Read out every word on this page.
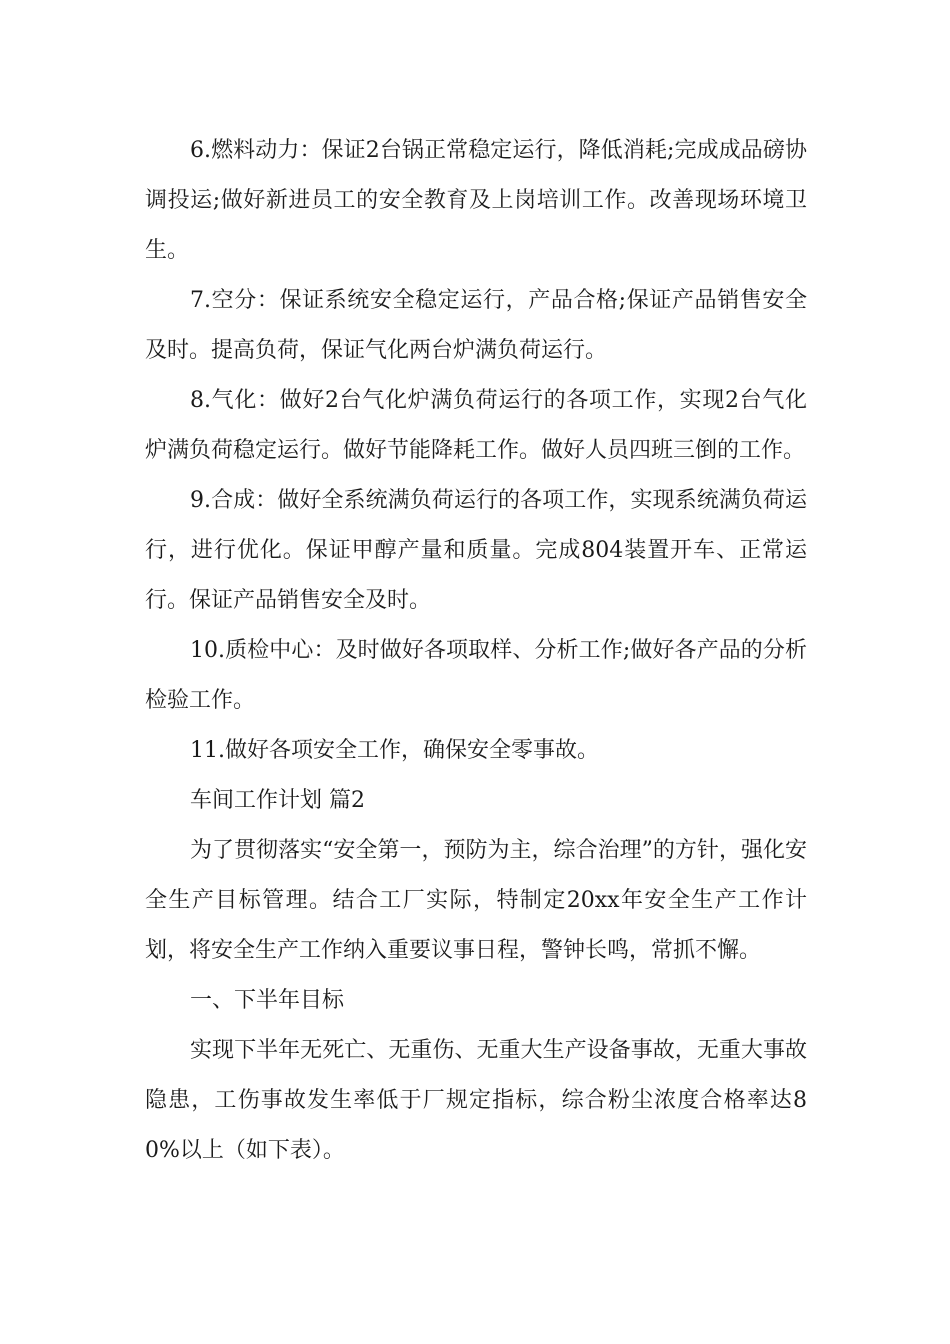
6.燃料动力：保证2台锅正常稳定运行，降低消耗;完成成品磅协调投运;做好新进员工的安全教育及上岗培训工作。改善现场环境卫生。

7.空分：保证系统安全稳定运行，产品合格;保证产品销售安全及时。提高负荷，保证气化两台炉满负荷运行。

8.气化：做好2台气化炉满负荷运行的各项工作，实现2台气化炉满负荷稳定运行。做好节能降耗工作。做好人员四班三倒的工作。

9.合成：做好全系统满负荷运行的各项工作，实现系统满负荷运行，进行优化。保证甲醇产量和质量。完成804装置开车、正常运行。保证产品销售安全及时。

10.质检中心：及时做好各项取样、分析工作;做好各产品的分析检验工作。

11.做好各项安全工作，确保安全零事故。

车间工作计划 篇2

为了贯彻落实“安全第一，预防为主，综合治理”的方针，强化安全生产目标管理。结合工厂实际，特制定20xx年安全生产工作计划，将安全生产工作纳入重要议事日程，警钟长鸣，常抓不懈。

一、下半年目标

实现下半年无死亡、无重伤、无重大生产设备事故，无重大事故隐患，工伤事故发生率低于厂规定指标，综合粉尘浓度合格率达80%以上（如下表）。
